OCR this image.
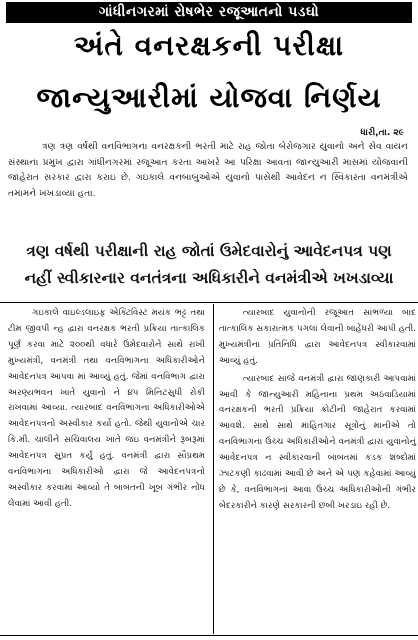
ગાંધીનગરમાં રોષભેર રજૂઆતનો પડઘો
અંતે વનરક્ષકની પરીક્ષા
જાન્યુઆરીમાં યોજવા નિર્ણય
ધારી,તા. ૨૯
ત્રણ ત્રણ વર્ષથી વનવિભાગના વનરક્ષકની ભરતી માટે રાહ જોતા બેરોજગાર યુવાનો અને સેવ વાયન સંસ્થાના પ્રમુખ દ્વારા ગાંધીનગરમાં રજૂઆત કરતા આખરે આ પરિક્ષા આવતા જાન્યુઆરી માસમાં યોજવાની જાહેરાત સરકાર દ્વારા કરાઇ છે. ગઇકાલે વનબાબુઓએ યુવાનો પાસેથી આવેદન ન સ્વિકારતા વનમંત્રીએ તમામને ખખડાવ્યા હતા.
ત્રણ વર્ષથી પરીક્ષાની રાહ જોતાં ઉમેદવારોનું આવેદનપત્ર પણ
નહીં સ્વીકારનાર વનતંત્રના અધિકારીને વનમંત્રીએ ખખડાવ્યા

ગઇકાલે વાઇલ્ડલાઇફ એક્ટિવિસ્ટ મયંક ભટ્ટ તથા ટીમ જીવપી ન્હ દ્વારા વનરક્ષક ભરતી પ્રક્રિયા તાત્કાલિક પૂર્ણ કરવા માટે ૨૦૦થી વધારે ઉમેદવારોને સાથે રાખી મુખ્યમંત્રી, વનમંત્રી તથા વનવિભાગના અધિકારીઓને આવેદનપત્ર આપવા માં આવ્યું હતું. જેમાં વનવિભાગ દ્વારા અરણ્યભવન ખાતે યુવાનો ને ૪૫ મિનિટસુધી રોકી રાખવામાં આવ્યા. ત્યારબાદ વનવિભાગના અધિકારીઓએ આવેદનપત્રનો અસ્વીકાર કર્યો હતો. જેથી યુવાનોએ ચાર કિ.મી. ચાલીને સચિવાલય ખાતે જઇ વનમંત્રીને રૂબરૂમાં આવેદનપત્ર સુપ્રત કર્યું હતું. વનમંત્રી દ્વારા સૌપ્રથમ વનવિભાગના અધિકારીઓ દ્વારા જે આવેદનપત્રનો અસ્વીકાર કરવામાં આવ્યો તે બાબતની ખૂબ ગંભીર નોંધ લેવામાં આવી હતી.

ત્યારબાદ યુવાનોની રજૂઆત સાંભળ્યા બાદ તાત્કાલિક સકારાત્મક પગલાં લેવાની બાહેંધરી આપી હતી. મુખ્યમંત્રીના પ્રતિનિધિ દ્વારા આવેદનપત્ર સ્વીકારવામાં આવ્યું હતું.

ત્યારબાદ સાંજે વનમંત્રી દ્વારા જાણકારી આપવામાં આવી કે જાન્યુઆરી મહિનાના પ્રથમ અઠવાડિયામાં વનરક્ષકની ભરતી પ્રક્રિયા ક્રોટીની જાહેરાત કરવામાં આવશે. સાથે સાથે માહિતગાર સૂત્રોનું માનીએ તો વનવિભાગના ઉચ્ચ અધિકારીઓને વનમંત્રી દ્વારા યુવાનોનું આવેદનપત્ર ન સ્વીકારવાની બાબતમાં કડક શબ્દોમાં ઝાટકણી કાઢવામાં આવી છે અને એ પણ કહેવામાં આવ્યું છે કે, વનવિભાગનાં આવા ઉચ્ચ અધિકારીઓની ગંભીર બેદરકારીને કારણે સરકારની છબી ખરડાઇ રહી છે.
